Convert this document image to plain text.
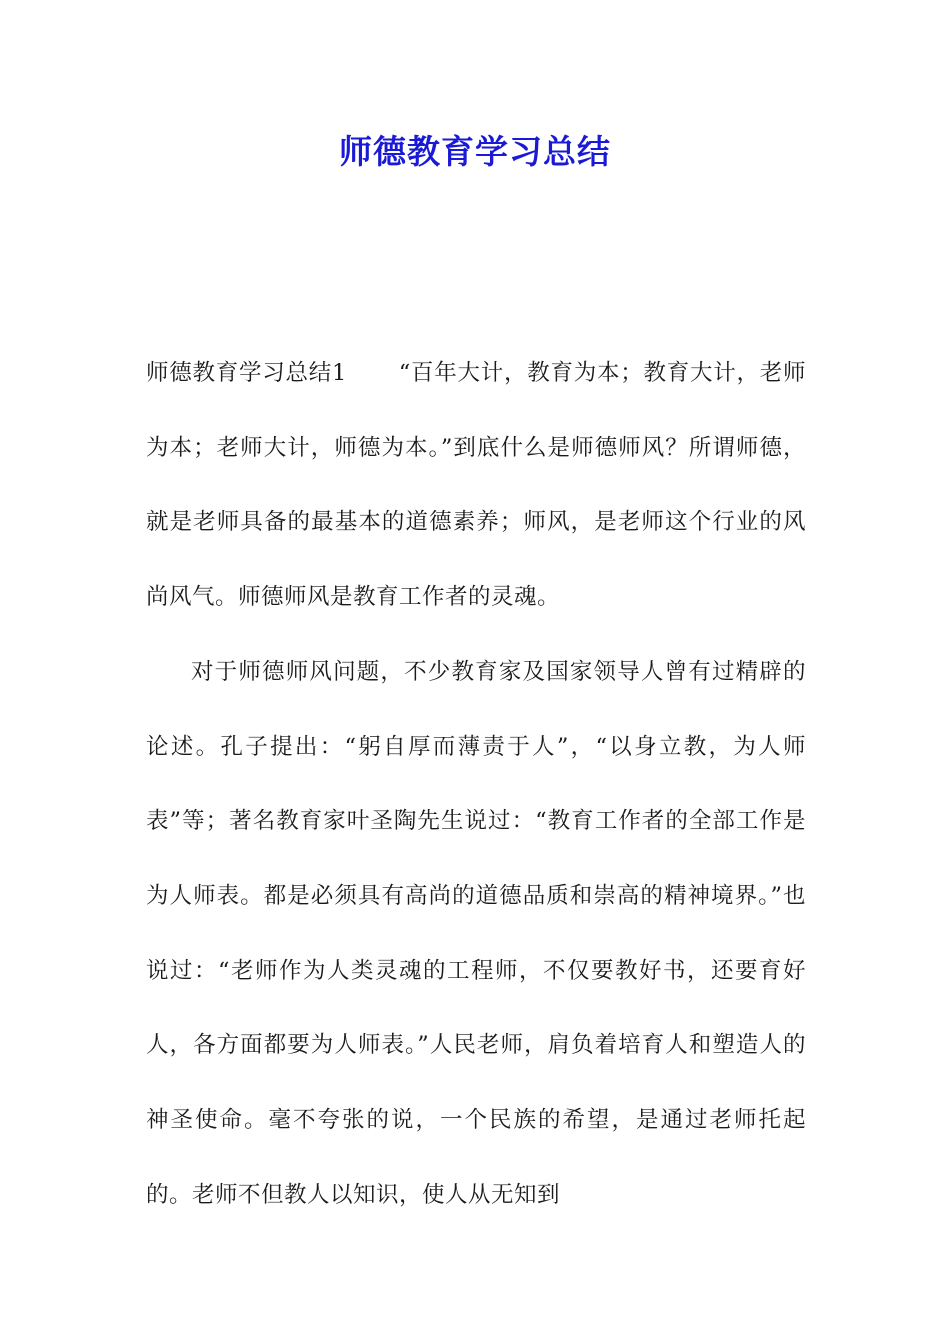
师德教育学习总结

师德教育学习总结1 “百年大计，教育为本；教育大计，老师为本；老师大计，师德为本。”到底什么是师德师风？所谓师德，就是老师具备的最基本的道德素养；师风，是老师这个行业的风尚风气。师德师风是教育工作者的灵魂。

对于师德师风问题，不少教育家及国家领导人曾有过精辟的论述。孔子提出：“躬自厚而薄责于人”，“以身立教，为人师表”等；著名教育家叶圣陶先生说过：“教育工作者的全部工作是为人师表。都是必须具有高尚的道德品质和崇高的精神境界。”也说过：“老师作为人类灵魂的工程师，不仅要教好书，还要育好人，各方面都要为人师表。”人民老师，肩负着培育人和塑造人的神圣使命。毫不夸张的说，一个民族的希望，是通过老师托起的。老师不但教人以知识，使人从无知到
